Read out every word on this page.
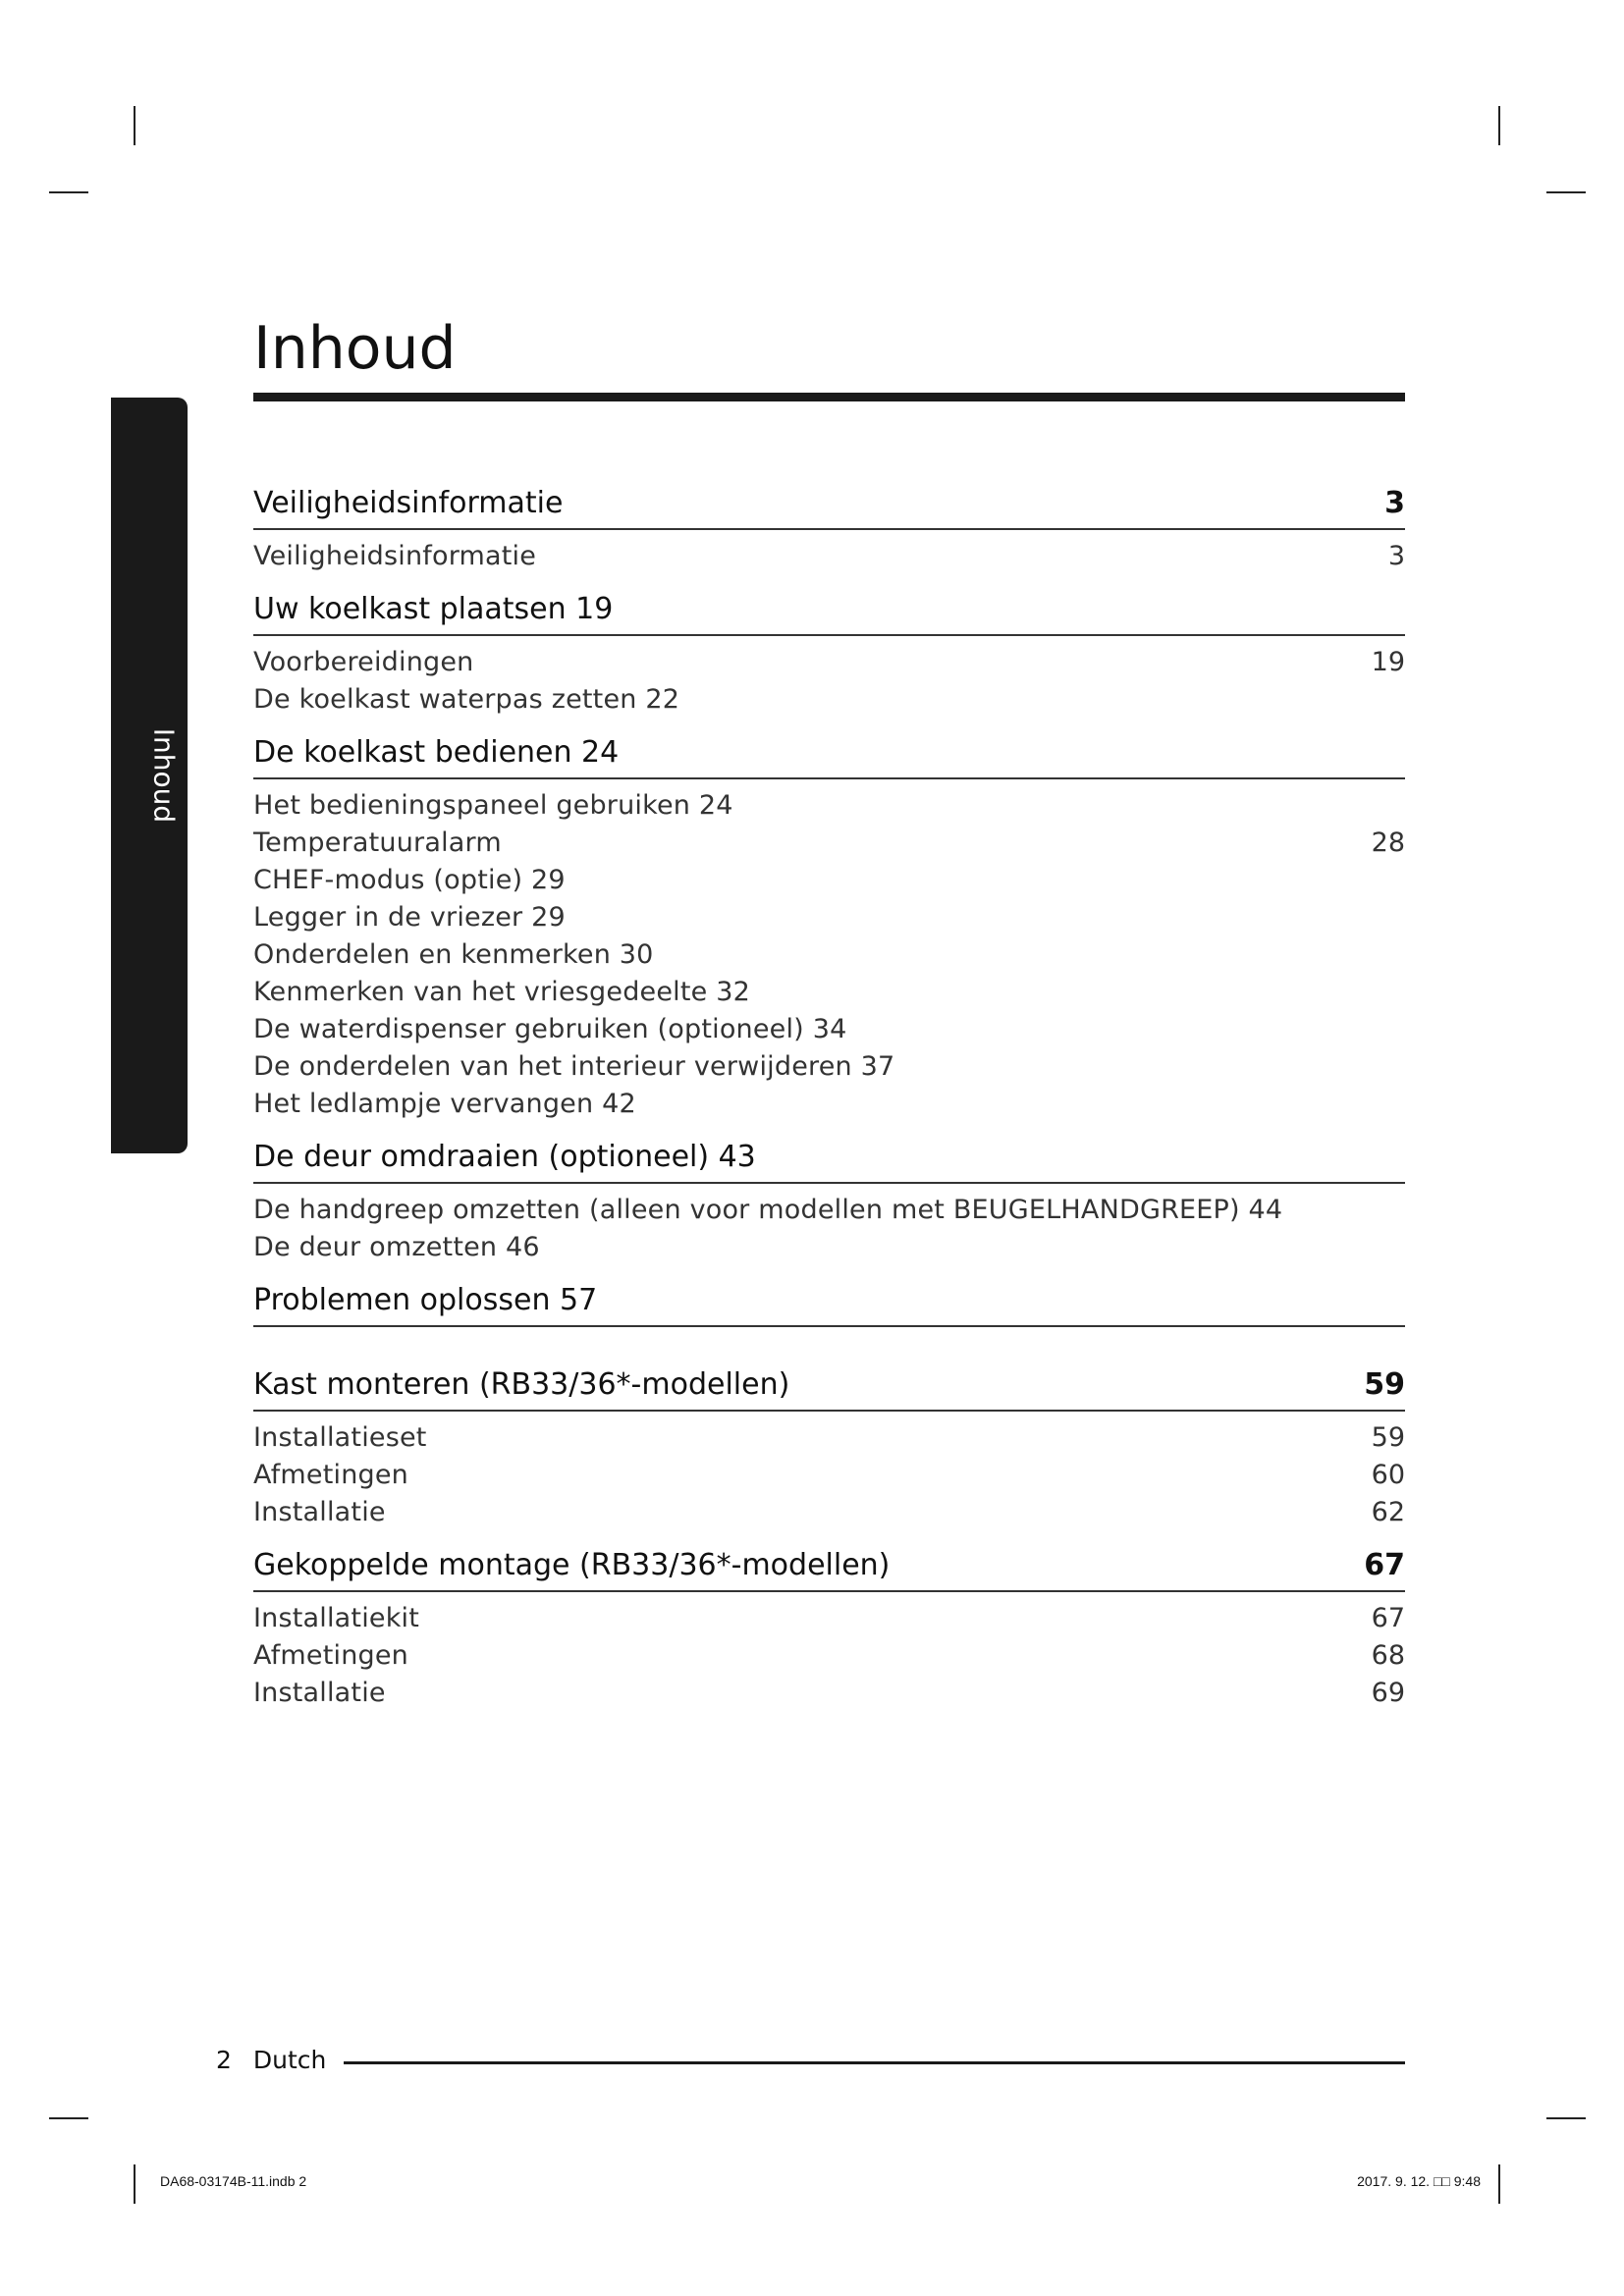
Inhoud
Inhoud
Veiligheidsinformatie	3
Veiligheidsinformatie	3
Uw koelkast plaatsen 19
Voorbereidingen	19
De koelkast waterpas zetten 22
De koelkast bedienen 24
Het bedieningspaneel gebruiken 24
Temperatuuralarm	28
CHEF-modus (optie) 29
Legger in de vriezer 29
Onderdelen en kenmerken 30
Kenmerken van het vriesgedeelte 32
De waterdispenser gebruiken (optioneel) 34
De onderdelen van het interieur verwijderen 37
Het ledlampje vervangen 42
De deur omdraaien (optioneel) 43
De handgreep omzetten (alleen voor modellen met BEUGELHANDGREEP) 44
De deur omzetten 46
Problemen oplossen 57
Kast monteren (RB33/36*-modellen)	59
Installatieset	59
Afmetingen	60
Installatie	62
Gekoppelde montage (RB33/36*-modellen)	67
Installatiekit	67
Afmetingen	68
Installatie	69
2 Dutch
DA68-03174B-11.indb 2	2017. 9. 12. □□ 9:48
